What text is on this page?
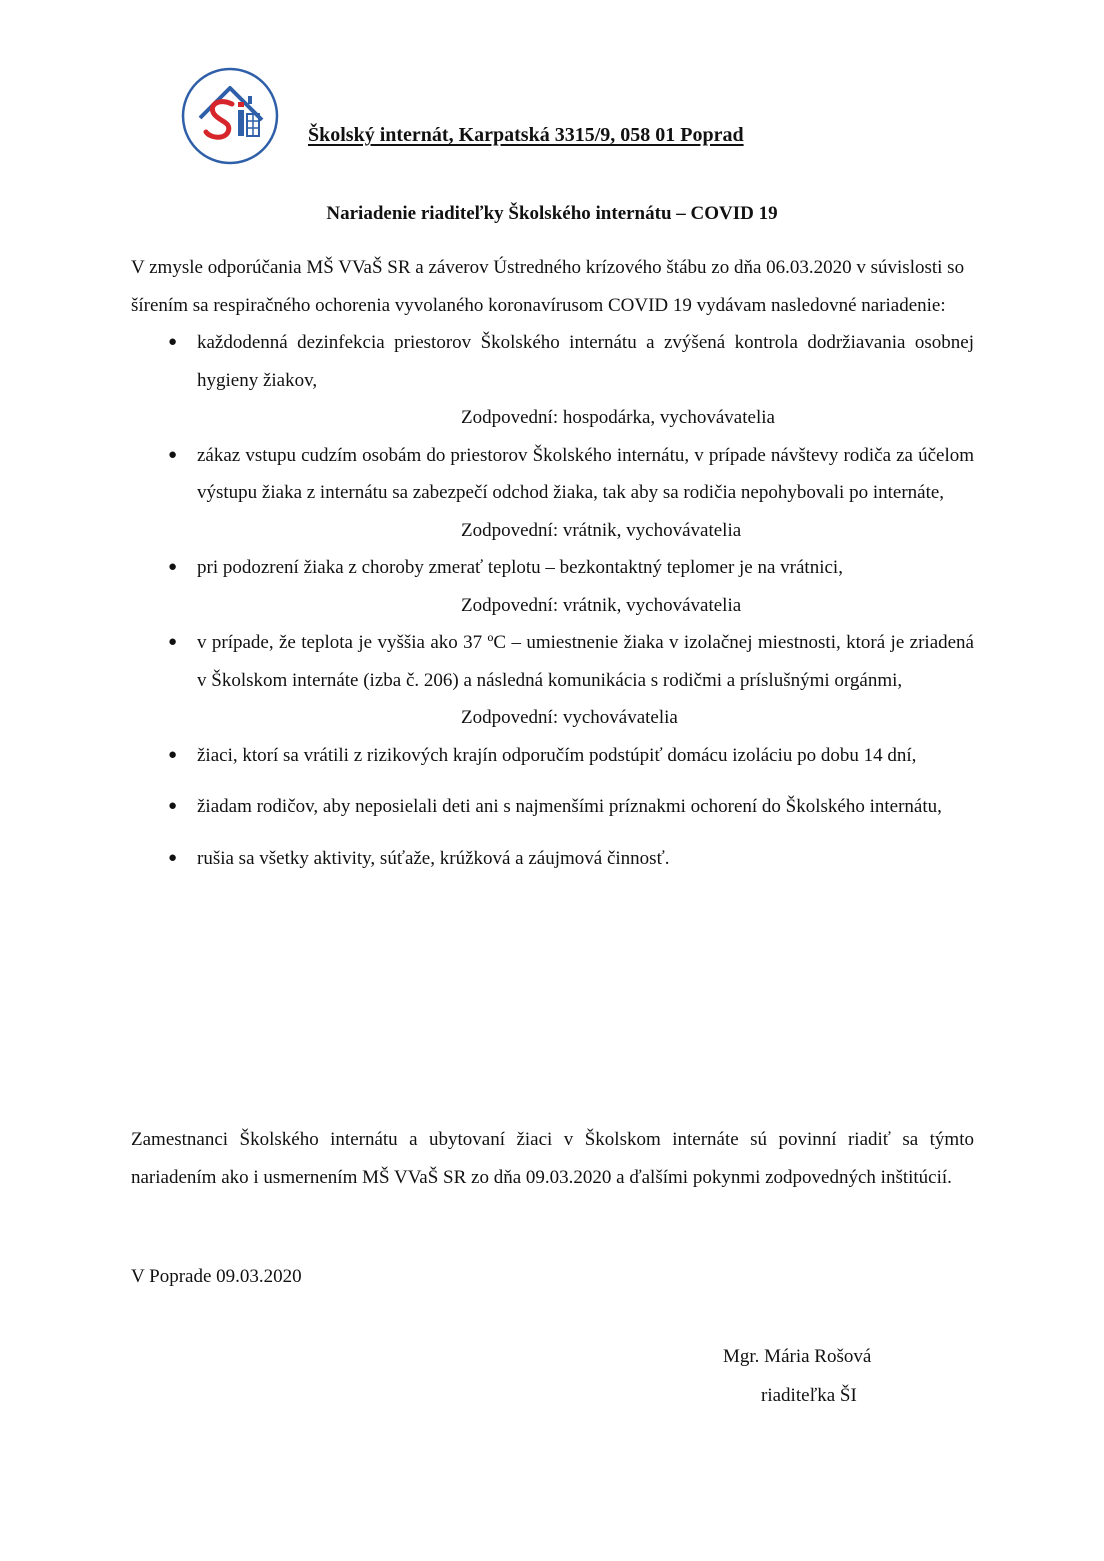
Školský internát, Karpatská 3315/9, 058 01 Poprad
Nariadenie riaditeľky Školského internátu – COVID 19

V zmysle odporúčania MŠ VVaŠ SR a záverov Ústredného krízového štábu zo dňa 06.03.2020 v súvislosti so šírením sa respiračného ochorenia vyvolaného koronavírusom COVID 19 vydávam nasledovné nariadenie:

● každodenná dezinfekcia priestorov Školského internátu a zvýšená kontrola dodržiavania osobnej hygieny žiakov,
Zodpovední: hospodárka, vychovávatelia
● zákaz vstupu cudzím osobám do priestorov Školského internátu, v prípade návštevy rodiča za účelom výstupu žiaka z internátu sa zabezpečí odchod žiaka, tak aby sa rodičia nepohybovali po internáte,
Zodpovední: vrátnik, vychovávatelia
● pri podozrení žiaka z choroby zmerať teplotu – bezkontaktný teplomer je na vrátnici,
Zodpovední: vrátnik, vychovávatelia
● v prípade, že teplota je vyššia ako 37 ºC – umiestnenie žiaka v izolačnej miestnosti, ktorá je zriadená v Školskom internáte (izba č. 206) a následná komunikácia s rodičmi a príslušnými orgánmi,
Zodpovední: vychovávatelia
● žiaci, ktorí sa vrátili z rizikových krajín odporučím podstúpiť domácu izoláciu po dobu 14 dní,
● žiadam rodičov, aby neposielali deti ani s najmenšími príznakmi ochorení do Školského internátu,
● rušia sa všetky aktivity, súťaže, krúžková a záujmová činnosť.
Zamestnanci Školského internátu a ubytovaní žiaci v Školskom internáte sú povinní riadiť sa týmto nariadením ako i usmernením MŠ VVaŠ SR zo dňa 09.03.2020 a ďalšími pokynmi zodpovedných inštitúcií.
V Poprade 09.03.2020
Mgr. Mária Rošová
riaditeľka ŠI
